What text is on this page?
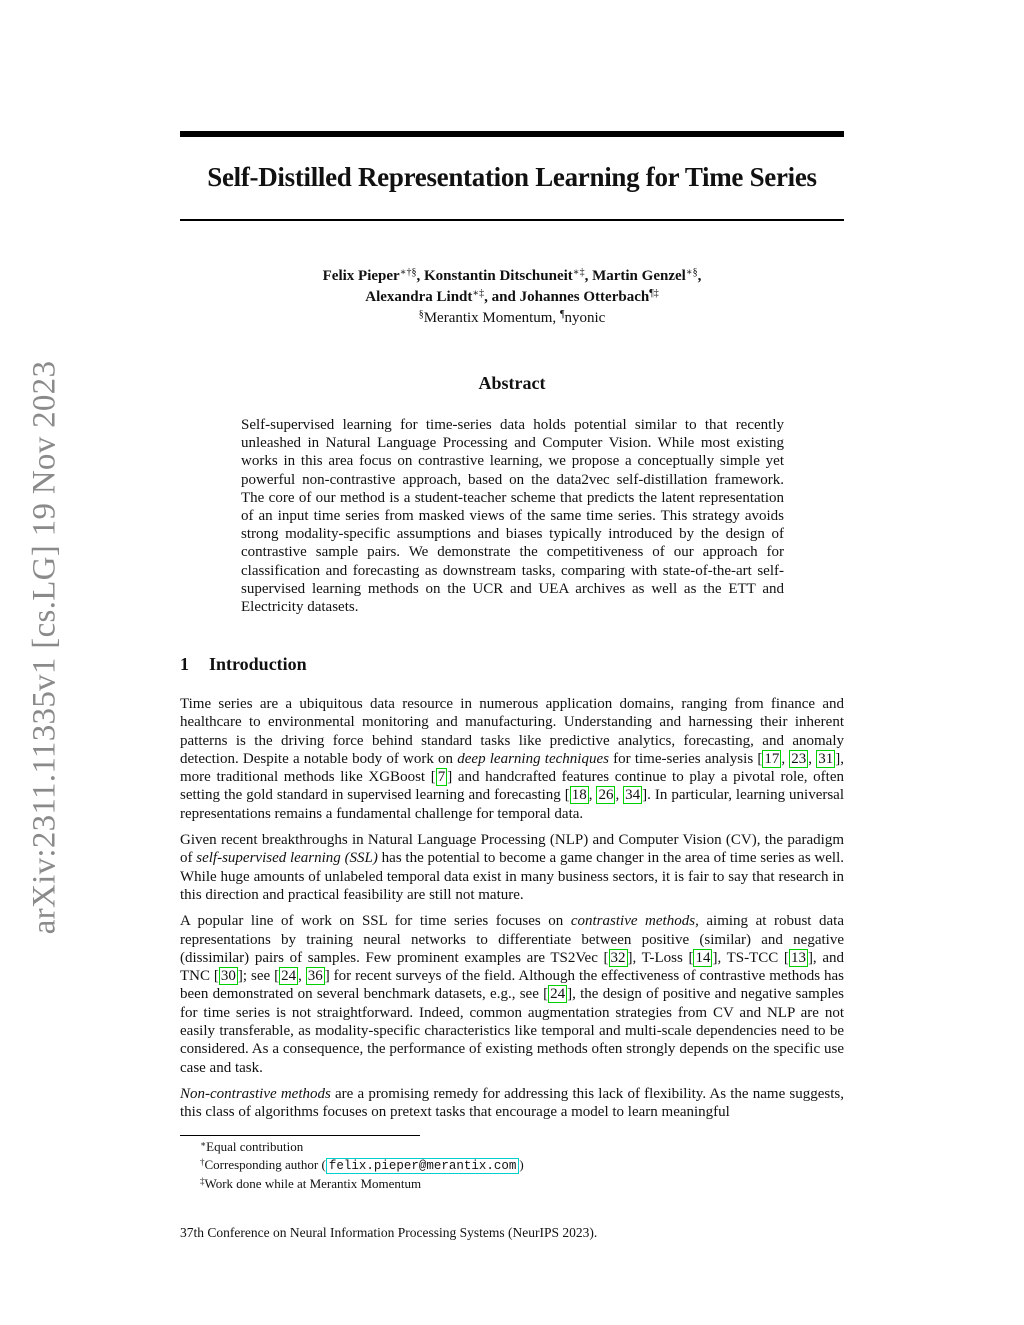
arXiv:2311.11335v1 [cs.LG] 19 Nov 2023
Self-Distilled Representation Learning for Time Series
Felix Pieper∗†§, Konstantin Ditschuneit∗‡, Martin Genzel∗§,
Alexandra Lindt∗‡, and Johannes Otterbach¶‡
§Merantix Momentum, ¶nyonic
Abstract
Self-supervised learning for time-series data holds potential similar to that recently unleashed in Natural Language Processing and Computer Vision. While most existing works in this area focus on contrastive learning, we propose a conceptually simple yet powerful non-contrastive approach, based on the data2vec self-distillation framework. The core of our method is a student-teacher scheme that predicts the latent representation of an input time series from masked views of the same time series. This strategy avoids strong modality-specific assumptions and biases typically introduced by the design of contrastive sample pairs. We demonstrate the competitiveness of our approach for classification and forecasting as downstream tasks, comparing with state-of-the-art self-supervised learning methods on the UCR and UEA archives as well as the ETT and Electricity datasets.
1 Introduction

Time series are a ubiquitous data resource in numerous application domains, ranging from finance and healthcare to environmental monitoring and manufacturing. Understanding and harnessing their inherent patterns is the driving force behind standard tasks like predictive analytics, forecasting, and anomaly detection. Despite a notable body of work on deep learning techniques for time-series analysis [ 17 , 23 , 31 ], more traditional methods like XGBoost [ 7 ] and handcrafted features continue to play a pivotal role, often setting the gold standard in supervised learning and forecasting [ 18 , 26 , 34 ]. In particular, learning universal representations remains a fundamental challenge for temporal data.

Given recent breakthroughs in Natural Language Processing (NLP) and Computer Vision (CV), the paradigm of self-supervised learning (SSL) has the potential to become a game changer in the area of time series as well. While huge amounts of unlabeled temporal data exist in many business sectors, it is fair to say that research in this direction and practical feasibility are still not mature.

A popular line of work on SSL for time series focuses on contrastive methods, aiming at robust data representations by training neural networks to differentiate between positive (similar) and negative (dissimilar) pairs of samples. Few prominent examples are TS2Vec [ 32 ], T-Loss [ 14 ], TS-TCC [ 13 ], and TNC [ 30 ]; see [ 24 , 36 ] for recent surveys of the field. Although the effectiveness of contrastive methods has been demonstrated on several benchmark datasets, e.g., see [ 24 ], the design of positive and negative samples for time series is not straightforward. Indeed, common augmentation strategies from CV and NLP are not easily transferable, as modality-specific characteristics like temporal and multi-scale dependencies need to be considered. As a consequence, the performance of existing methods often strongly depends on the specific use case and task.

Non-contrastive methods are a promising remedy for addressing this lack of flexibility. As the name suggests, this class of algorithms focuses on pretext tasks that encourage a model to learn meaningful

∗Equal contribution
†Corresponding author ( felix.pieper@merantix.com )
‡Work done while at Merantix Momentum
37th Conference on Neural Information Processing Systems (NeurIPS 2023).
